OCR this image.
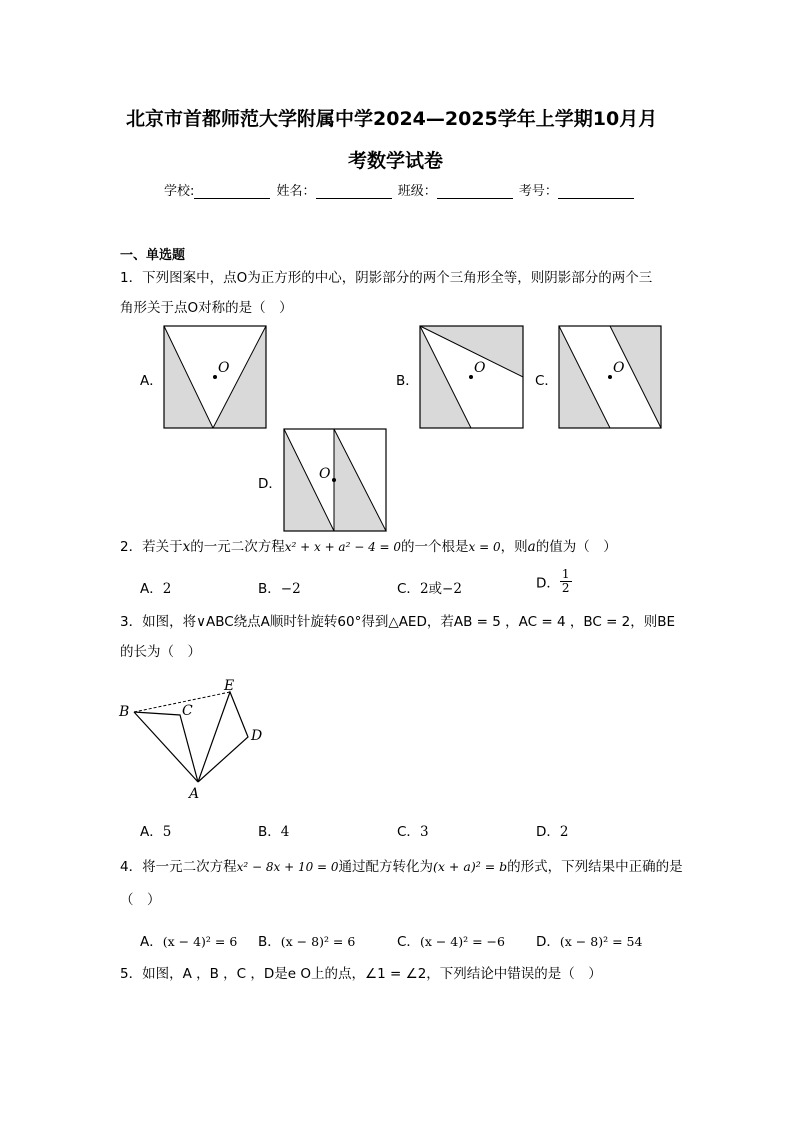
北京市首都师范大学附属中学2024—2025学年上学期10月月
考数学试卷
学校:	姓名：	班级：	考号：
一、单选题
1．下列图案中，点O为正方形的中心，阴影部分的两个三角形全等，则阴影部分的两个三
角形关于点O对称的是（　）
A．
O
B．
O
C．
O
D．
O
2．若关于x的一元二次方程x² + x + a² − 4 = 0的一个根是x = 0，则a的值为（　）
A．2	B．−2	C．2或−2	D． $\frac{1}{2}$
3．如图，将∨ABC绕点A顺时针旋转60°得到△AED，若AB = 5 ，AC = 4 ，BC = 2，则BE
的长为（　）
B	C
E
D
A
A．5	B．4	C．3	D．2
4．将一元二次方程x² − 8x + 10 = 0通过配方转化为(x + a)² = b的形式，下列结果中正确的是
（　）
A．(x − 4)² = 6 B．(x − 8)² = 6	C．(x − 4)² = −6 D．(x − 8)² = 54
5．如图，A ，B ，C ，D是e O上的点，∠1 = ∠2，下列结论中错误的是（　）
